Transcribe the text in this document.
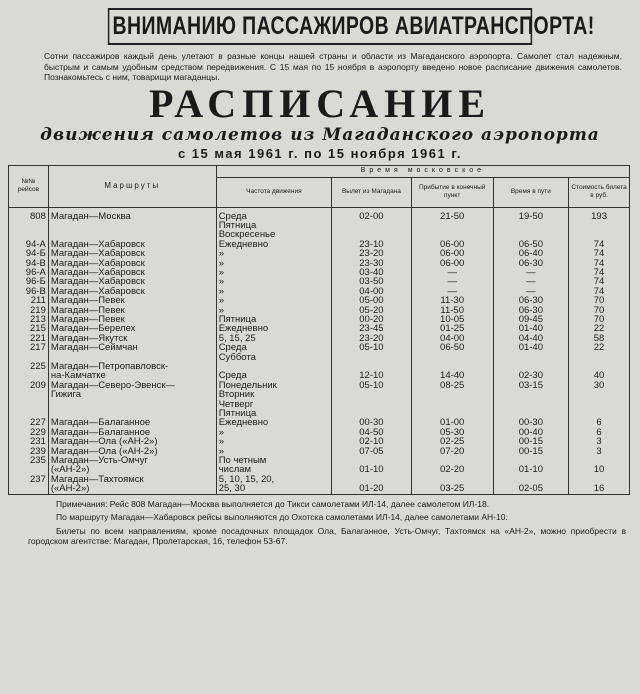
ВНИМАНИЮ ПАССАЖИРОВ АВИАТРАНСПОРТА!
Сотни пассажиров каждый день улетают в разные концы нашей страны и области из Магаданского аэропорта. Самолет стал надежным, быстрым и самым удобным средством передвижения. С 15 мая по 15 ноября в аэропорту введено новое расписание движения самолетов. Познакомьтесь с ним, товарищи магаданцы.
РАСПИСАНИЕ
движения самолетов из Магаданского аэропорта
с 15 мая 1961 г. по 15 ноября 1961 г.
№№ рейсов	Маршруты	Время московское				
		Частота движения	Вылет из Магадана	Прибытие в конечный пункт	Время в пути	Стоимость билета в руб.

808	Магадан—Москва	Среда	02-00	21-50	19-50	193
		Пятница				
		Воскресенье				
94-А	Магадан—Хабаровск	Ежедневно	23-10	06-00	06-50	74
94-Б	Магадан—Хабаровск	»	23-20	06-00	06-40	74
94-В	Магадан—Хабаровск	»	23-30	06-00	06-30	74
96-А	Магадан—Хабаровск	»	03-40	—	—	74
96-Б	Магадан—Хабаровск	»	03-50	—	—	74
96-В	Магадан—Хабаровск	»	04-00	—	—	74
211	Магадан—Певек	»	05-00	11-30	06-30	70
219	Магадан—Певек	»	05-20	11-50	06-30	70
213	Магадан—Певек	Пятница	00-20	10-05	09-45	70
215	Магадан—Берелех	Ежедневно	23-45	01-25	01-40	22
221	Магадан—Якутск	5, 15, 25	23-20	04-00	04-40	58
217	Магадан—Сеймчан	Среда	05-10	06-50	01-40	22
		Суббота				
225	Магадан—Петропавловск-					
	на-Камчатке	Среда	12-10	14-40	02-30	40
209	Магадан—Северо-Эвенск—	Понедельник	05-10	08-25	03-15	30
	Гижига	Вторник				
		Четверг				
		Пятница				
227	Магадан—Балаганное	Ежедневно	00-30	01-00	00-30	6
229	Магадан—Балаганное	»	04-50	05-30	00-40	6
231	Магадан—Ола («АН-2»)	»	02-10	02-25	00-15	3
239	Магадан—Ола («АН-2»)	»	07-05	07-20	00-15	3
235	Магадан—Усть-Омчуг	По четным				
	(«АН-2»)	числам	01-10	02-20	01-10	10
237	Магадан—Тахтоямск	5, 10, 15, 20,				
	(«АН-2»)	25, 30	01-20	03-25	02-05	16

Примечания: Рейс 808 Магадан—Москва выполняется до Тикси самолетами ИЛ-14, далее самолетом ИЛ-18.

По маршруту Магадан—Хабаровск рейсы выполняются до Охотска самолетами ИЛ-14, далее самолетами АН-10.

Билеты по всем направлениям, кроме посадочных площадок Ола, Балаганное, Усть-Омчуг, Тахтоямск на «АН-2», можно приобрести в городском агентстве: Магадан, Пролетарская, 16, телефон 53-67.
